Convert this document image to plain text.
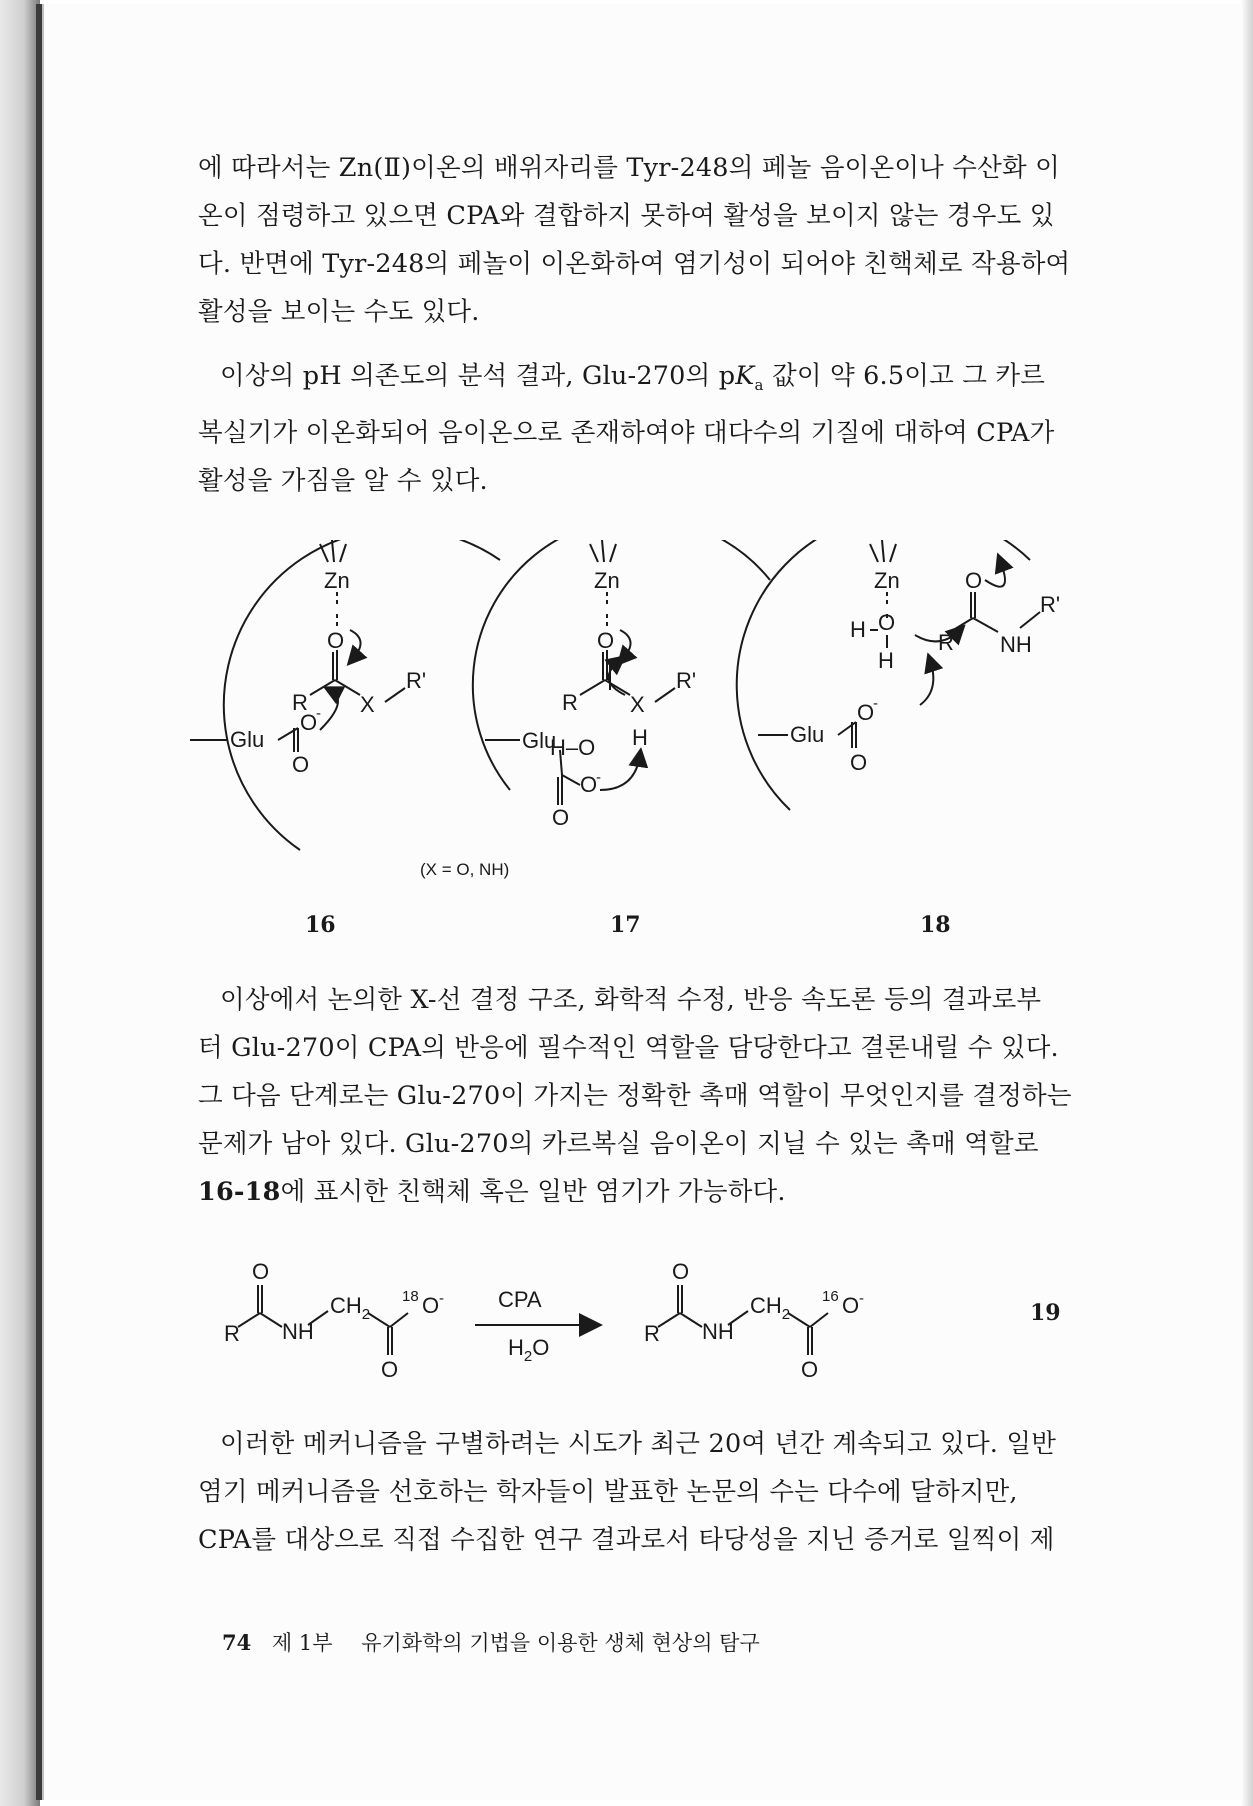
에 따라서는 Zn(Ⅱ)이온의 배위자리를 Tyr-248의 페놀 음이온이나 수산화 이

온이 점령하고 있으면 CPA와 결합하지 못하여 활성을 보이지 않는 경우도 있

다. 반면에 Tyr-248의 페놀이 이온화하여 염기성이 되어야 친핵체로 작용하여

활성을 보이는 수도 있다.

이상의 pH 의존도의 분석 결과, Glu-270의 $pK_a$ 값이 약 6.5이고 그 카르

복실기가 이온화되어 음이온으로 존재하여야 대다수의 기질에 대하여 CPA가

활성을 가짐을 알 수 있다.

Zn
O
R X
R'
Glu
O
-
O
Zn
O
R X
R'
H–O H
Glu
O
-
O
(X = O, NH)
Zn
O
H
H
O
R NH
R'
Glu
O
-
O
16	17	18

이상에서 논의한 X-선 결정 구조, 화학적 수정, 반응 속도론 등의 결과로부

터 Glu-270이 CPA의 반응에 필수적인 역할을 담당한다고 결론내릴 수 있다.

그 다음 단계로는 Glu-270이 가지는 정확한 촉매 역할이 무엇인지를 결정하는

문제가 남아 있다. Glu-270의 카르복실 음이온이 지닐 수 있는 촉매 역할로

16-18에 표시한 친핵체 혹은 일반 염기가 가능하다.

O
R NH
$CH_2$
18 O -
O
CPA
$H_2O$
O
R NH
$CH_2$
16 O -
O
19

이러한 메커니즘을 구별하려는 시도가 최근 20여 년간 계속되고 있다. 일반

염기 메커니즘을 선호하는 학자들이 발표한 논문의 수는 다수에 달하지만,

CPA를 대상으로 직접 수집한 연구 결과로서 타당성을 지닌 증거로 일찍이 제

74 제 1부 유기화학의 기법을 이용한 생체 현상의 탐구
